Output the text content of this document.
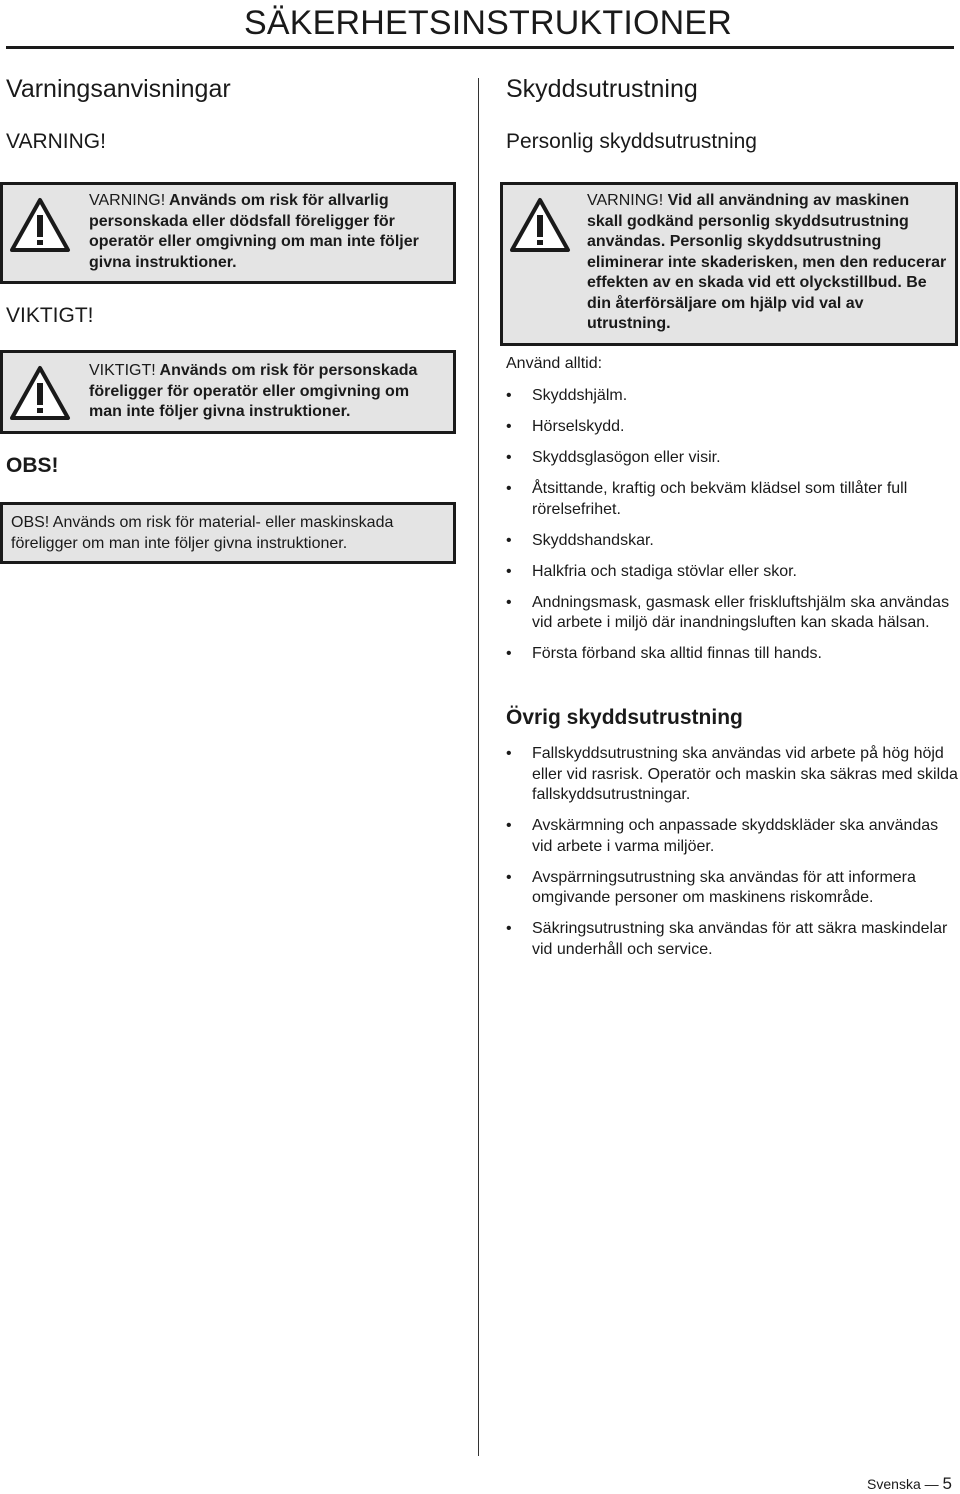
SÄKERHETSINSTRUKTIONER
Varningsanvisningar
VARNING!

VARNING! Används om risk för allvarlig personskada eller dödsfall föreligger för operatör eller omgivning om man inte följer givna instruktioner.

VIKTIGT!

VIKTIGT! Används om risk för personskada föreligger för operatör eller omgivning om man inte följer givna instruktioner.

OBS!

OBS! Används om risk för material- eller maskinskada föreligger om man inte följer givna instruktioner.

Skyddsutrustning
Personlig skyddsutrustning

VARNING! Vid all användning av maskinen skall godkänd personlig skyddsutrustning användas. Personlig skyddsutrustning eliminerar inte skaderisken, men den reducerar effekten av en skada vid ett olyckstillbud. Be din återförsäljare om hjälp vid val av utrustning.

Använd alltid:

• Skyddshjälm.
• Hörselskydd.
• Skyddsglasögon eller visir.
• Åtsittande, kraftig och bekväm klädsel som tillåter full rörelsefrihet.
• Skyddshandskar.
• Halkfria och stadiga stövlar eller skor.
• Andningsmask, gasmask eller friskluftshjälm ska användas vid arbete i miljö där inandningsluften kan skada hälsan.
• Första förband ska alltid finnas till hands.
Övrig skyddsutrustning
• Fallskyddsutrustning ska användas vid arbete på hög höjd eller vid rasrisk. Operatör och maskin ska säkras med skilda fallskyddsutrustningar.
• Avskärmning och anpassade skyddskläder ska användas vid arbete i varma miljöer.
• Avspärrningsutrustning ska användas för att informera omgivande personer om maskinens riskområde.
• Säkringsutrustning ska användas för att säkra maskindelar vid underhåll och service.
Svenska — 5
